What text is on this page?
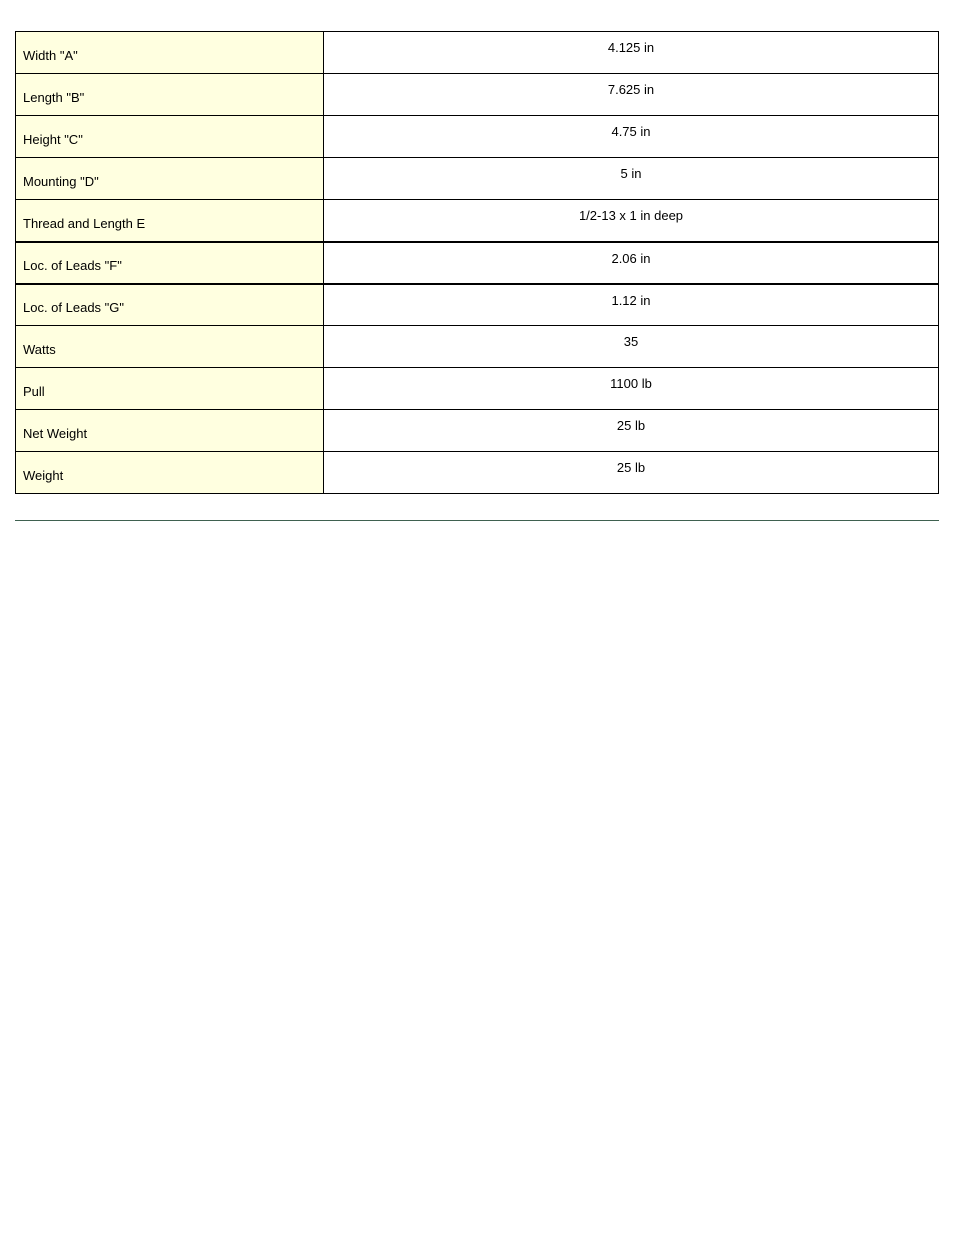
Width "A"	4.125 in
Length "B"	7.625 in
Height "C"	4.75 in
Mounting "D"	5 in
Thread and Length E	1/2-13 x 1 in deep
Loc. of Leads "F"	2.06 in
Loc. of Leads "G"	1.12 in
Watts	35
Pull	1100 lb
Net Weight	25 lb
Weight	25 lb
